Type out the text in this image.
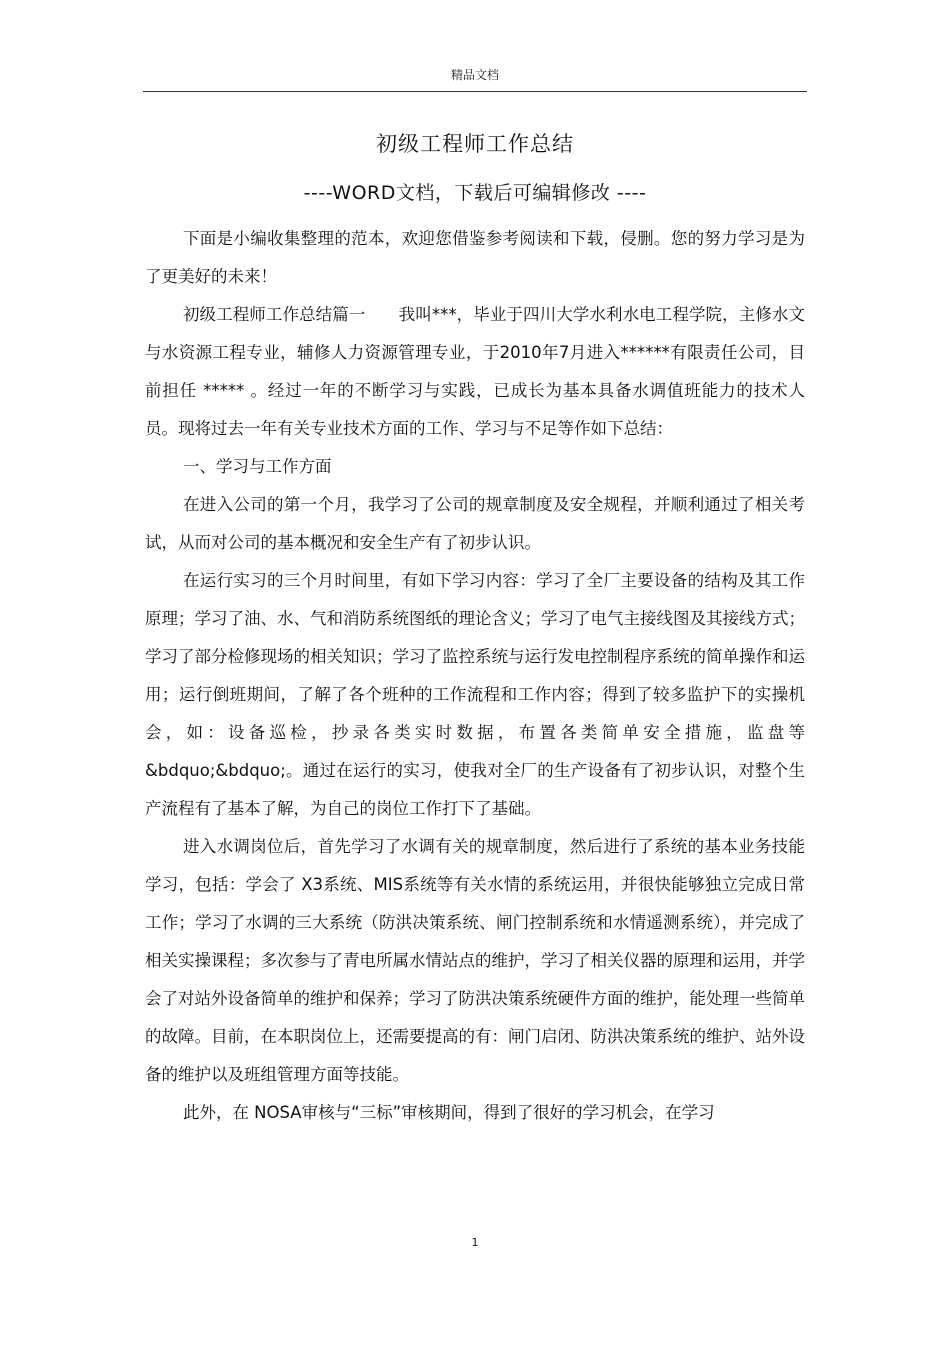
精品文档
初级工程师工作总结
----WORD文档，下载后可编辑修改 ----

下面是小编收集整理的范本，欢迎您借鉴参考阅读和下载，侵删。您的努力学习是为了更美好的未来！

初级工程师工作总结篇一　　我叫***，毕业于四川大学水利水电工程学院，主修水文与水资源工程专业，辅修人力资源管理专业，于2010年7月进入******有限责任公司，目前担任 ***** 。经过一年的不断学习与实践，已成长为基本具备水调值班能力的技术人员。现将过去一年有关专业技术方面的工作、学习与不足等作如下总结：

一、学习与工作方面

在进入公司的第一个月，我学习了公司的规章制度及安全规程，并顺利通过了相关考试，从而对公司的基本概况和安全生产有了初步认识。

在运行实习的三个月时间里，有如下学习内容：学习了全厂主要设备的结构及其工作原理；学习了油、水、气和消防系统图纸的理论含义；学习了电气主接线图及其接线方式；学习了部分检修现场的相关知识；学习了监控系统与运行发电控制程序系统的简单操作和运用；运行倒班期间，了解了各个班种的工作流程和工作内容；得到了较多监护下的实操机会，如：设备巡检，抄录各类实时数据，布置各类简单安全措施，监盘等&bdquo;&bdquo;。通过在运行的实习，使我对全厂的生产设备有了初步认识，对整个生产流程有了基本了解，为自己的岗位工作打下了基础。

进入水调岗位后，首先学习了水调有关的规章制度，然后进行了系统的基本业务技能学习，包括：学会了 X3系统、MIS系统等有关水情的系统运用，并很快能够独立完成日常工作；学习了水调的三大系统（防洪决策系统、闸门控制系统和水情遥测系统），并完成了相关实操课程；多次参与了青电所属水情站点的维护，学习了相关仪器的原理和运用，并学会了对站外设备简单的维护和保养；学习了防洪决策系统硬件方面的维护，能处理一些简单的故障。目前，在本职岗位上，还需要提高的有：闸门启闭、防洪决策系统的维护、站外设备的维护以及班组管理方面等技能。

此外，在 NOSA审核与“三标”审核期间，得到了很好的学习机会，在学习

1
